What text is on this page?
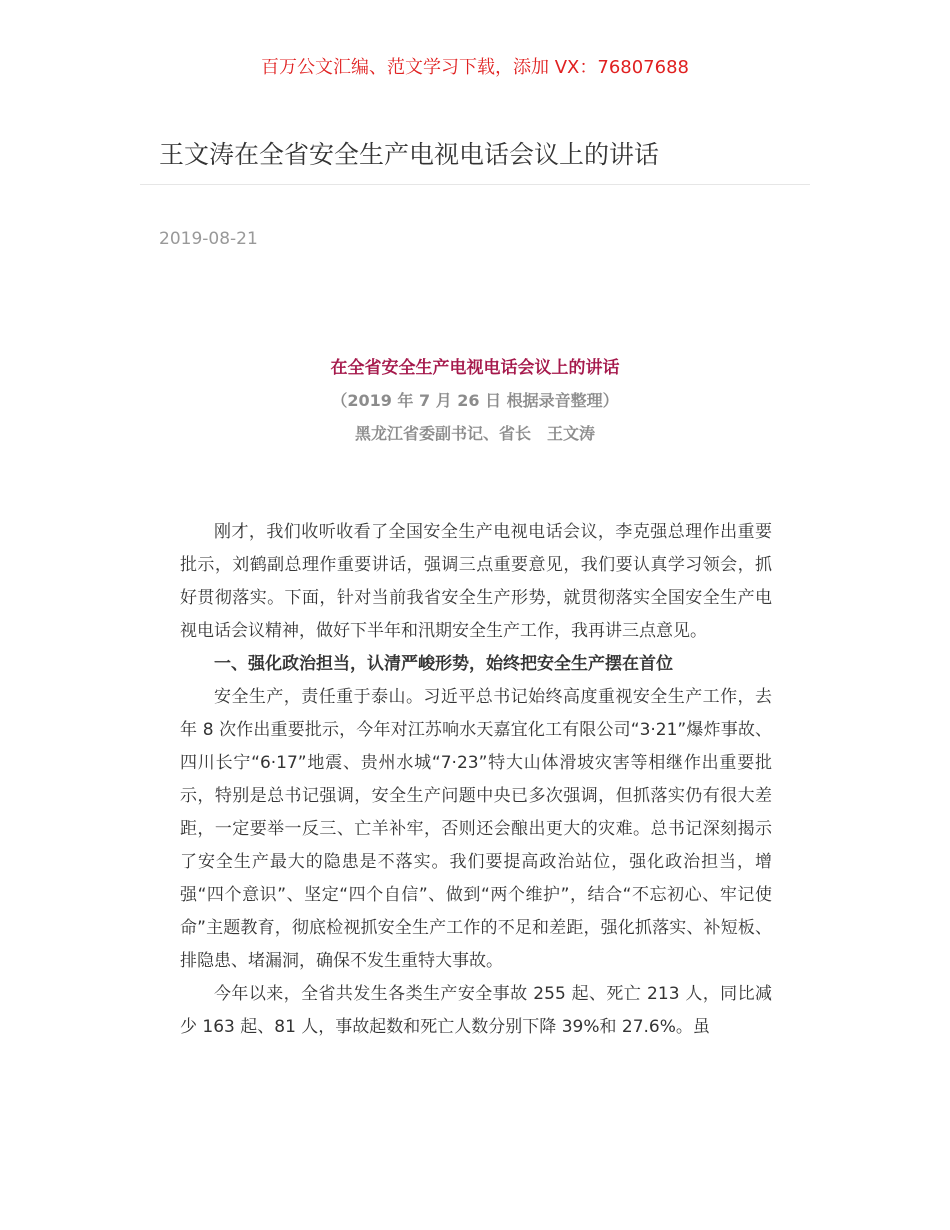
百万公文汇编、范文学习下载，添加 VX：76807688
王文涛在全省安全生产电视电话会议上的讲话
2019-08-21
在全省安全生产电视电话会议上的讲话
（2019 年 7 月 26 日 根据录音整理）
黑龙江省委副书记、省长　王文涛

刚才，我们收听收看了全国安全生产电视电话会议，李克强总理作出重要批示，刘鹤副总理作重要讲话，强调三点重要意见，我们要认真学习领会，抓好贯彻落实。下面，针对当前我省安全生产形势，就贯彻落实全国安全生产电视电话会议精神，做好下半年和汛期安全生产工作，我再讲三点意见。

一、强化政治担当，认清严峻形势，始终把安全生产摆在首位

安全生产，责任重于泰山。习近平总书记始终高度重视安全生产工作，去年 8 次作出重要批示，今年对江苏响水天嘉宜化工有限公司“3·21”爆炸事故、四川长宁“6·17”地震、贵州水城“7·23”特大山体滑坡灾害等相继作出重要批示，特别是总书记强调，安全生产问题中央已多次强调，但抓落实仍有很大差距，一定要举一反三、亡羊补牢，否则还会酿出更大的灾难。总书记深刻揭示了安全生产最大的隐患是不落实。我们要提高政治站位，强化政治担当，增强“四个意识”、坚定“四个自信”、做到“两个维护”，结合“不忘初心、牢记使命”主题教育，彻底检视抓安全生产工作的不足和差距，强化抓落实、补短板、排隐患、堵漏洞，确保不发生重特大事故。

今年以来，全省共发生各类生产安全事故 255 起、死亡 213 人，同比减少 163 起、81 人，事故起数和死亡人数分别下降 39%和 27.6%。虽
